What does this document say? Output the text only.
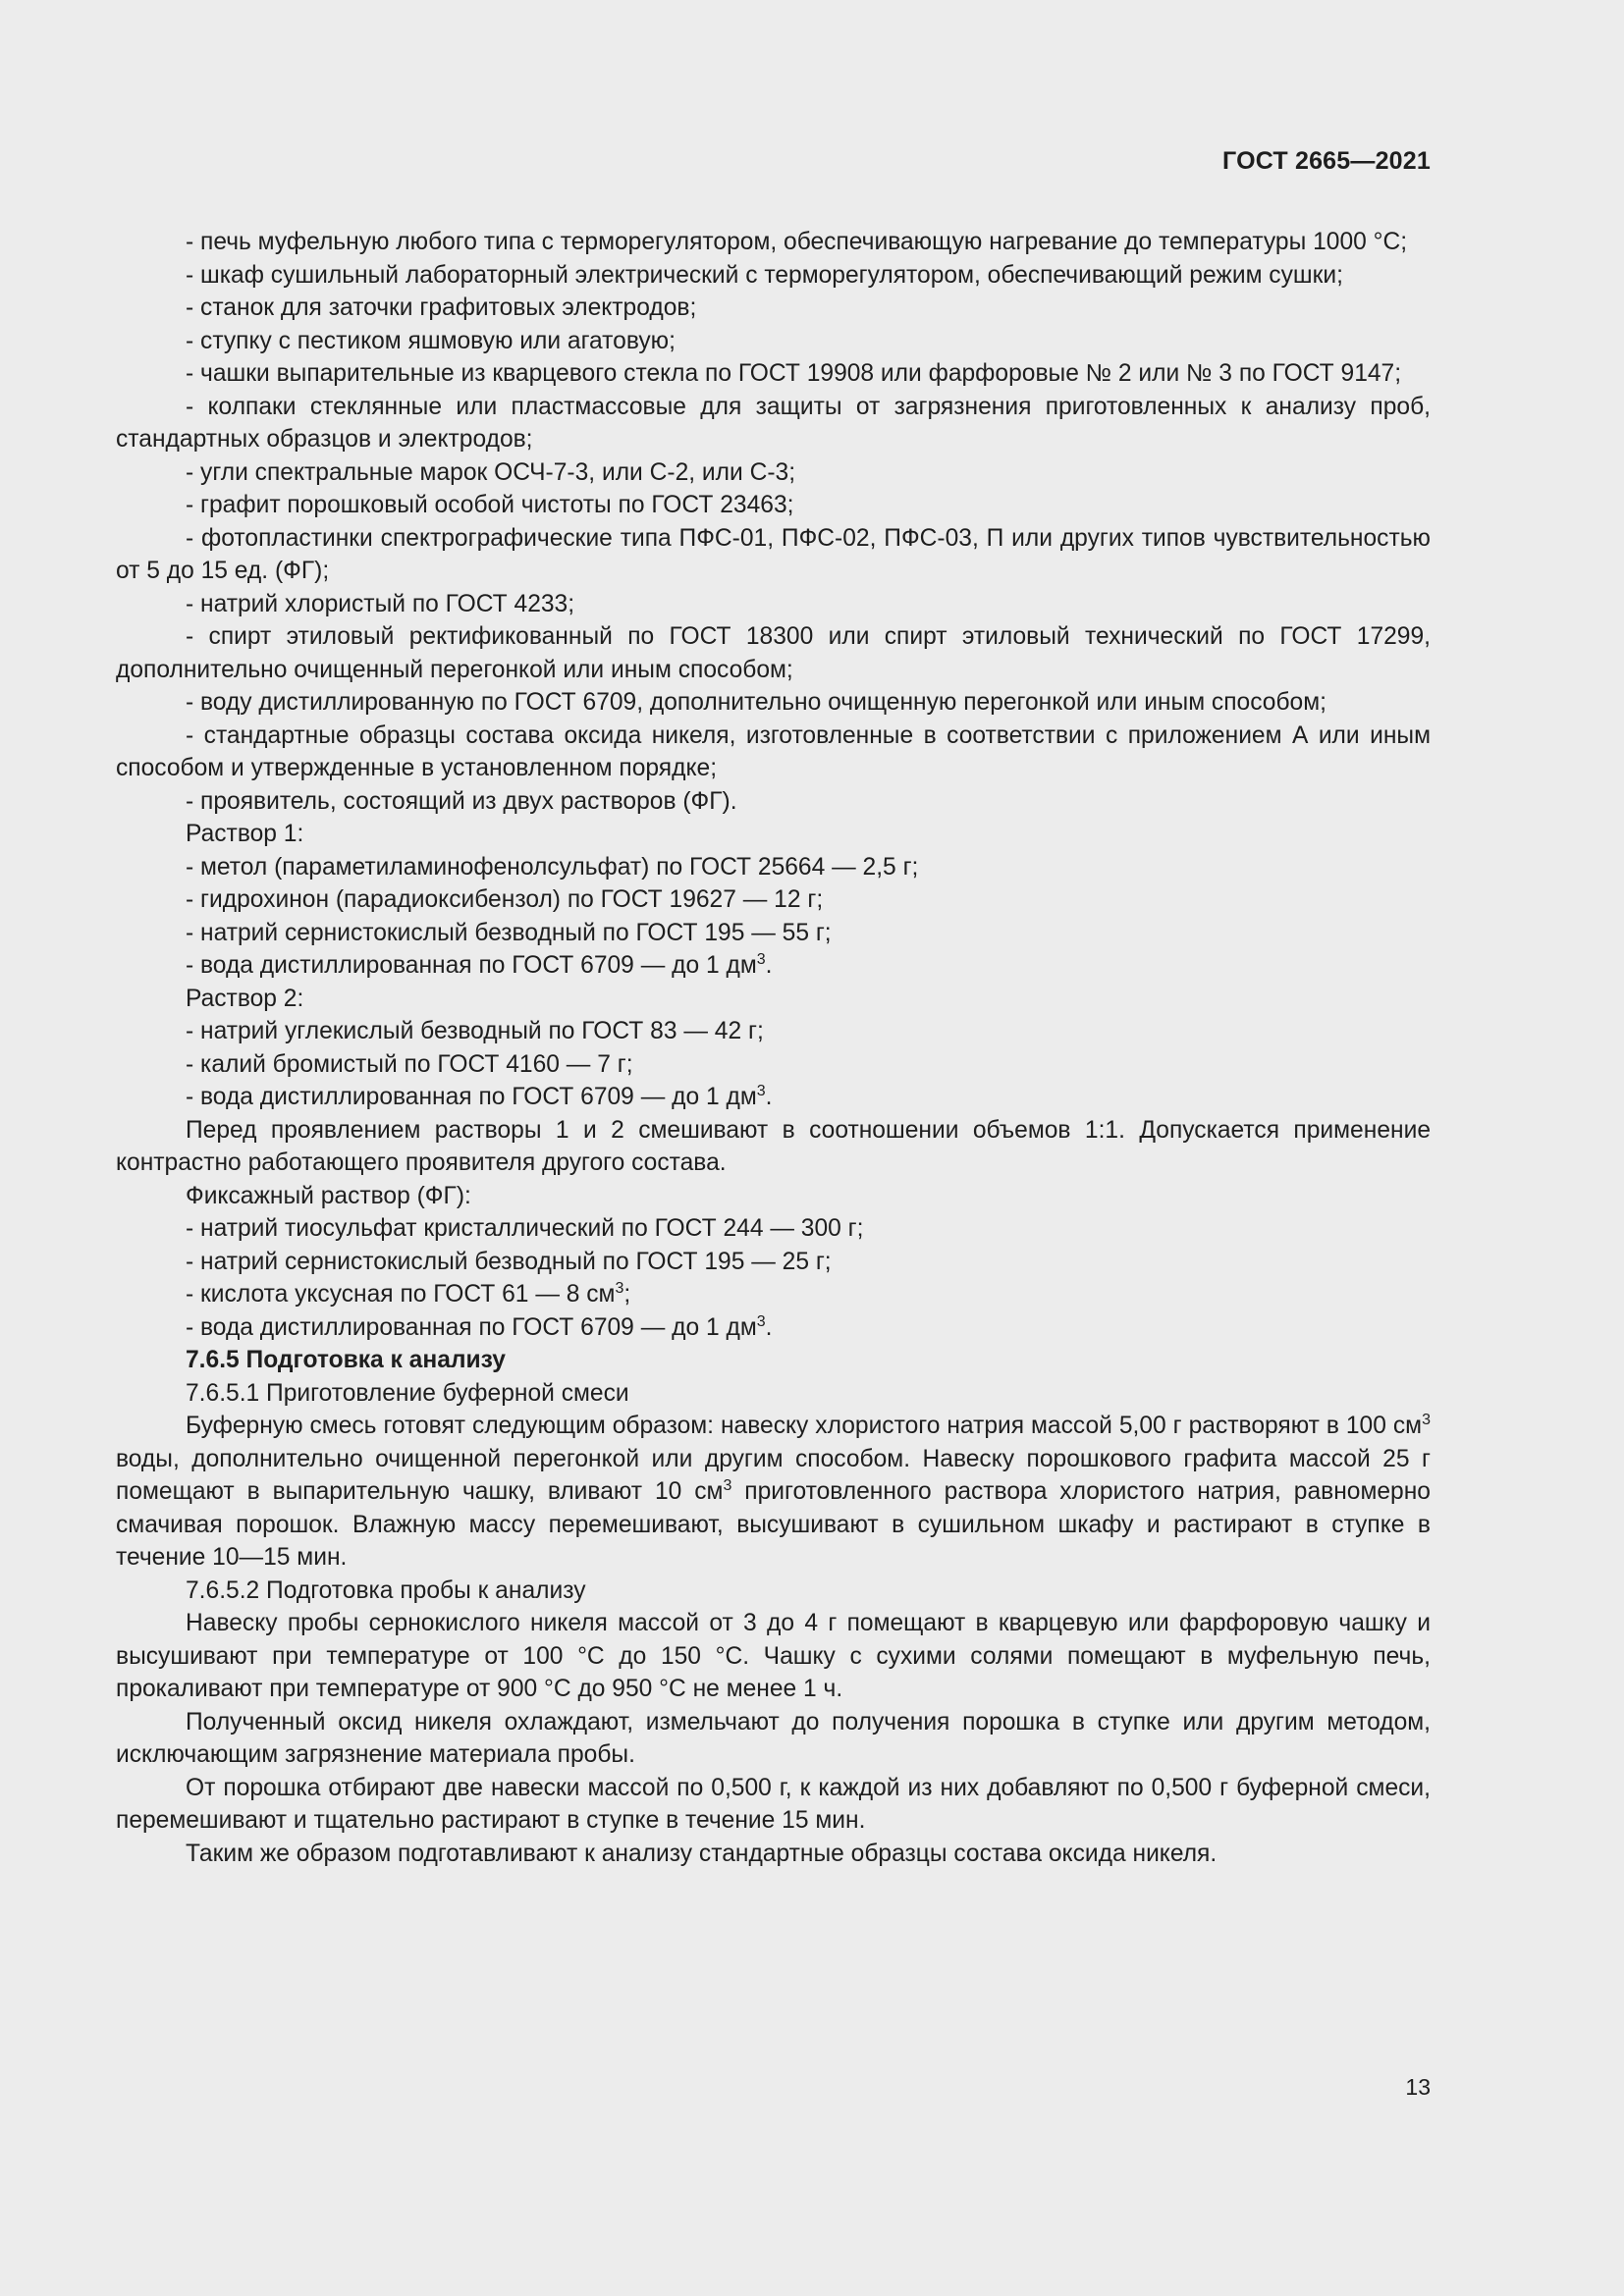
ГОСТ 2665—2021

- печь муфельную любого типа с терморегулятором, обеспечивающую нагревание до температуры 1000 °С;

- шкаф сушильный лабораторный электрический с терморегулятором, обеспечивающий режим сушки;

- станок для заточки графитовых электродов;

- ступку с пестиком яшмовую или агатовую;

- чашки выпарительные из кварцевого стекла по ГОСТ 19908 или фарфоровые № 2 или № 3 по ГОСТ 9147;

- колпаки стеклянные или пластмассовые для защиты от загрязнения приготовленных к анализу проб, стандартных образцов и электродов;

- угли спектральные марок ОСЧ-7-3, или С-2, или С-3;

- графит порошковый особой чистоты по ГОСТ 23463;

- фотопластинки спектрографические типа ПФС-01, ПФС-02, ПФС-03, П или других типов чувствительностью от 5 до 15 ед. (ФГ);

- натрий хлористый по ГОСТ 4233;

- спирт этиловый ректификованный по ГОСТ 18300 или спирт этиловый технический по ГОСТ 17299, дополнительно очищенный перегонкой или иным способом;

- воду дистиллированную по ГОСТ 6709, дополнительно очищенную перегонкой или иным способом;

- стандартные образцы состава оксида никеля, изготовленные в соответствии с приложением А или иным способом и утвержденные в установленном порядке;

- проявитель, состоящий из двух растворов (ФГ).

Раствор 1:

- метол (параметиламинофенолсульфат) по ГОСТ 25664 — 2,5 г;

- гидрохинон (парадиоксибензол) по ГОСТ 19627 — 12 г;

- натрий сернистокислый безводный по ГОСТ 195 — 55 г;

- вода дистиллированная по ГОСТ 6709 — до 1 $дм^3$.

Раствор 2:

- натрий углекислый безводный по ГОСТ 83 — 42 г;

- калий бромистый по ГОСТ 4160 — 7 г;

- вода дистиллированная по ГОСТ 6709 — до 1 $дм^3$.

Перед проявлением растворы 1 и 2 смешивают в соотношении объемов 1:1. Допускается применение контрастно работающего проявителя другого состава.

Фиксажный раствор (ФГ):

- натрий тиосульфат кристаллический по ГОСТ 244 — 300 г;

- натрий сернистокислый безводный по ГОСТ 195 — 25 г;

- кислота уксусная по ГОСТ 61 — 8 $см^3$;

- вода дистиллированная по ГОСТ 6709 — до 1 $дм^3$.

7.6.5 Подготовка к анализу

7.6.5.1 Приготовление буферной смеси

Буферную смесь готовят следующим образом: навеску хлористого натрия массой 5,00 г растворяют в 100 $см^3$ воды, дополнительно очищенной перегонкой или другим способом. Навеску порошкового графита массой 25 г помещают в выпарительную чашку, вливают 10 $см^3$ приготовленного раствора хлористого натрия, равномерно смачивая порошок. Влажную массу перемешивают, высушивают в сушильном шкафу и растирают в ступке в течение 10—15 мин.

7.6.5.2 Подготовка пробы к анализу

Навеску пробы сернокислого никеля массой от 3 до 4 г помещают в кварцевую или фарфоровую чашку и высушивают при температуре от 100 °С до 150 °С. Чашку с сухими солями помещают в муфельную печь, прокаливают при температуре от 900 °С до 950 °С не менее 1 ч.

Полученный оксид никеля охлаждают, измельчают до получения порошка в ступке или другим методом, исключающим загрязнение материала пробы.

От порошка отбирают две навески массой по 0,500 г, к каждой из них добавляют по 0,500 г буферной смеси, перемешивают и тщательно растирают в ступке в течение 15 мин.

Таким же образом подготавливают к анализу стандартные образцы состава оксида никеля.

13
